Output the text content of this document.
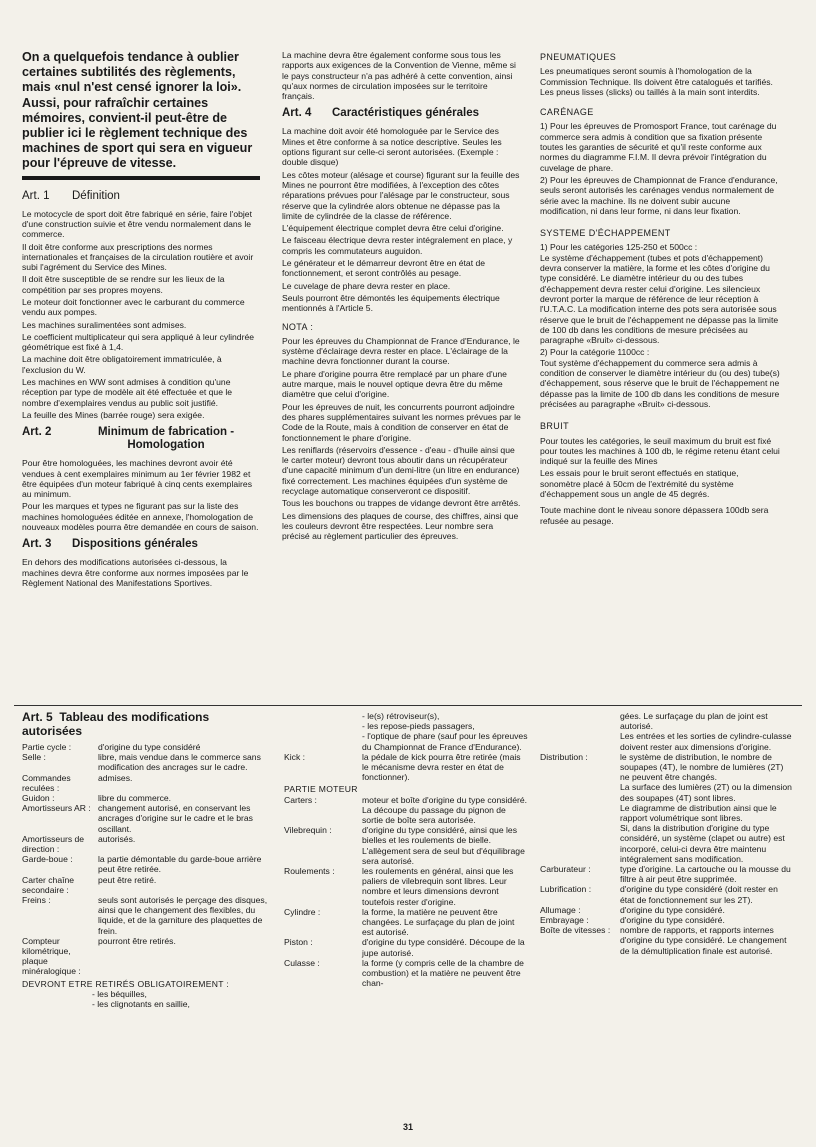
On a quelquefois tendance à oublier certaines subtilités des règlements, mais «nul n'est censé ignorer la loi». Aussi, pour rafraîchir certaines mémoires, convient-il peut-être de publier ici le règlement technique des machines de sport qui sera en vigueur pour l'épreuve de vitesse.

Art. 1	Définition

Le motocycle de sport doit être fabriqué en série, faire l'objet d'une construction suivie et être vendu normalement dans le commerce.

Il doit être conforme aux prescriptions des normes internationales et françaises de la circulation routière et avoir subi l'agrément du Service des Mines.

Il doit être susceptible de se rendre sur les lieux de la compétition par ses propres moyens.

Le moteur doit fonctionner avec le carburant du commerce vendu aux pompes.

Les machines suralimentées sont admises.

Le coefficient multiplicateur qui sera appliqué à leur cylindrée géométrique est fixé à 1,4.

La machine doit être obligatoirement immatriculée, à l'exclusion du W.

Les machines en WW sont admises à condition qu'une réception par type de modèle ait été effectuée et que le nombre d'exemplaires vendus au public soit justifié.

La feuille des Mines (barrée rouge) sera exigée.

Art. 2	Minimum de fabrication - Homologation

Pour être homologuées, les machines devront avoir été vendues à cent exemplaires minimum au 1er février 1982 et être équipées d'un moteur fabriqué à cinq cents exemplaires au minimum.

Pour les marques et types ne figurant pas sur la liste des machines homologuées éditée en annexe, l'homologation de nouveaux modèles pourra être demandée en cours de saison.

Art. 3	Dispositions générales

En dehors des modifications autorisées ci-dessous, la machines devra être conforme aux normes imposées par le Règlement National des Manifestations Sportives.

La machine devra être également conforme sous tous les rapports aux exigences de la Convention de Vienne, même si le pays constructeur n'a pas adhéré à cette convention, ainsi qu'aux normes de circulation imposées sur le territoire français.

Art. 4	Caractéristiques générales

La machine doit avoir été homologuée par le Service des Mines et être conforme à sa notice descriptive. Seules les options figurant sur celle-ci seront autorisées. (Exemple : double disque)

Les côtes moteur (alésage et course) figurant sur la feuille des Mines ne pourront être modifiées, à l'exception des côtes réparations prévues pour l'alésage par le constructeur, sous réserve que la cylindrée alors obtenue ne dépasse pas la limite de cylindrée de la classe de référence.

L'équipement électrique complet devra être celui d'origine.

Le faisceau électrique devra rester intégralement en place, y compris les commutateurs auguidon.

Le générateur et le démarreur devront être en état de fonctionnement, et seront contrôlés au pesage.

Le cuvelage de phare devra rester en place.

Seuls pourront être démontés les équipements électrique mentionnés à l'Article 5.

NOTA :

Pour les épreuves du Championnat de France d'Endurance, le système d'éclairage devra rester en place. L'éclairage de la machine devra fonctionner durant la course.

Le phare d'origine pourra être remplacé par un phare d'une autre marque, mais le nouvel optique devra être du même diamètre que celui d'origine.

Pour les épreuves de nuit, les concurrents pourront adjoindre des phares supplémentaires suivant les normes prévues par le Code de la Route, mais à condition de conserver en état de fonctionnement le phare d'origine.

Les reniflards (réservoirs d'essence - d'eau - d'huile ainsi que le carter moteur) devront tous aboutir dans un récupérateur d'une capacité minimum d'un demi-litre (un litre en endurance) fixé correctement. Les machines équipées d'un système de recyclage automatique conserveront ce dispositif.

Tous les bouchons ou trappes de vidange devront être arrêtés.

Les dimensions des plaques de course, des chiffres, ainsi que les couleurs devront être respectées. Leur nombre sera précisé au règlement particulier des épreuves.

PNEUMATIQUES

Les pneumatiques seront soumis à l'homologation de la Commission Technique. Ils doivent être catalogués et tarifiés. Les pneus lisses (slicks) ou taillés à la main sont interdits.

CARÉNAGE

1) Pour les épreuves de Promosport France, tout carénage du commerce sera admis à condition que sa fixation présente toutes les garanties de sécurité et qu'il reste conforme aux normes du diagramme F.I.M. Il devra prévoir l'intégration du cuvelage de phare.

2) Pour les épreuves de Championnat de France d'endurance, seuls seront autorisés les carénages vendus normalement de série avec la machine. Ils ne doivent subir aucune modification, ni dans leur forme, ni dans leur fixation.

SYSTEME D'ÉCHAPPEMENT

1) Pour les catégories 125-250 et 500cc :
Le système d'échappement (tubes et pots d'échappement) devra conserver la matière, la forme et les côtes d'origine du type considéré. Le diamètre intérieur du ou des tubes d'échappement devra rester celui d'origine. Les silencieux devront porter la marque de référence de leur réception à l'U.T.A.C. La modification interne des pots sera autorisée sous réserve que le bruit de l'échappement ne dépasse pas la limite de 100 db dans les conditions de mesure précisées au paragraphe «Bruit» ci-dessous.

2) Pour la catégorie 1100cc :
Tout système d'échappement du commerce sera admis à condition de conserver le diamètre intérieur du (ou des) tube(s) d'échappement, sous réserve que le bruit de l'échappement ne dépasse pas la limite de 100 db dans les conditions de mesure précisées au paragraphe «Bruit» ci-dessous.

BRUIT

Pour toutes les catégories, le seuil maximum du bruit est fixé pour toutes les machines à 100 db, le régime retenu étant celui indiqué sur la feuille des Mines

Les essais pour le bruit seront effectués en statique, sonomètre placé à 50cm de l'extrémité du système d'échappement sous un angle de 45 degrés.

Toute machine dont le niveau sonore dépassera 100db sera refusée au pesage.

Art. 5 Tableau des modifications autorisées
Partie cycle :	d'origine du type considéré
Selle :	libre, mais vendue dans le commerce sans modification des ancrages sur le cadre.
Commandes reculées :
admises.
Guidon :	libre du commerce.
Amortisseurs AR : changement autorisé, en conservant les ancrages d'origine sur le cadre et le bras oscillant.
Amortisseurs de direction :
autorisés.
Garde-boue :	la partie démontable du garde-boue arrière peut être retirée.
Carter chaîne secondaire :
peut être retiré.
Freins :	seuls sont autorisés le perçage des disques, ainsi que le changement des flexibles, du liquide, et de la garniture des plaquettes de frein.
Compteur kilométrique, plaque minéralogique :
pourront être retirés.
DEVRONT ETRE RETIRÉS OBLIGATOIREMENT :
- les béquilles,
- les clignotants en saillie,
- le(s) rétroviseur(s),
- les repose-pieds passagers,
- l'optique de phare (sauf pour les épreuves du Championnat de France d'Endurance).
Kick :	la pédale de kick pourra être retirée (mais le mécanisme devra rester en état de fonctionner).
PARTIE MOTEUR
Carters :	moteur et boîte d'origine du type considéré. La découpe du passage du pignon de sortie de boîte sera autorisée.
Vilebrequin :	d'origine du type considéré, ainsi que les bielles et les roulements de bielle. L'allègement sera de seul but d'équilibrage sera autorisé.
Roulements :	les roulements en général, ainsi que les paliers de vilebrequin sont libres. Leur nombre et leurs dimensions devront toutefois rester d'origine.
Cylindre :	la forme, la matière ne peuvent être changées. Le surfaçage du plan de joint est autorisé.
Piston :	d'origine du type considéré. Découpe de la jupe autorisé.
Culasse :	la forme (y compris celle de la chambre de combustion) et la matière ne peuvent être chan-
gées. Le surfaçage du plan de joint est autorisé.
Les entrées et les sorties de cylindre-culasse doivent rester aux dimensions d'origine.
Distribution :	le système de distribution, le nombre de soupapes (4T), le nombre de lumières (2T) ne peuvent être changés.
La surface des lumières (2T) ou la dimension des soupapes (4T) sont libres.
Le diagramme de distribution ainsi que le rapport volumétrique sont libres.
Si, dans la distribution d'origine du type considéré, un système (clapet ou autre) est incorporé, celui-ci devra être maintenu intégralement sans modification.
Carburateur :	type d'origine. La cartouche ou la mousse du filtre à air peut être supprimée.
Lubrification :	d'origine du type considéré (doit rester en état de fonctionnement sur les 2T).
Allumage :	d'origine du type considéré.
Embrayage :	d'origine du type considéré.
Boîte de vitesses :	nombre de rapports, et rapports internes d'origine du type considéré. Le changement de la démultiplication finale est autorisé.
31
